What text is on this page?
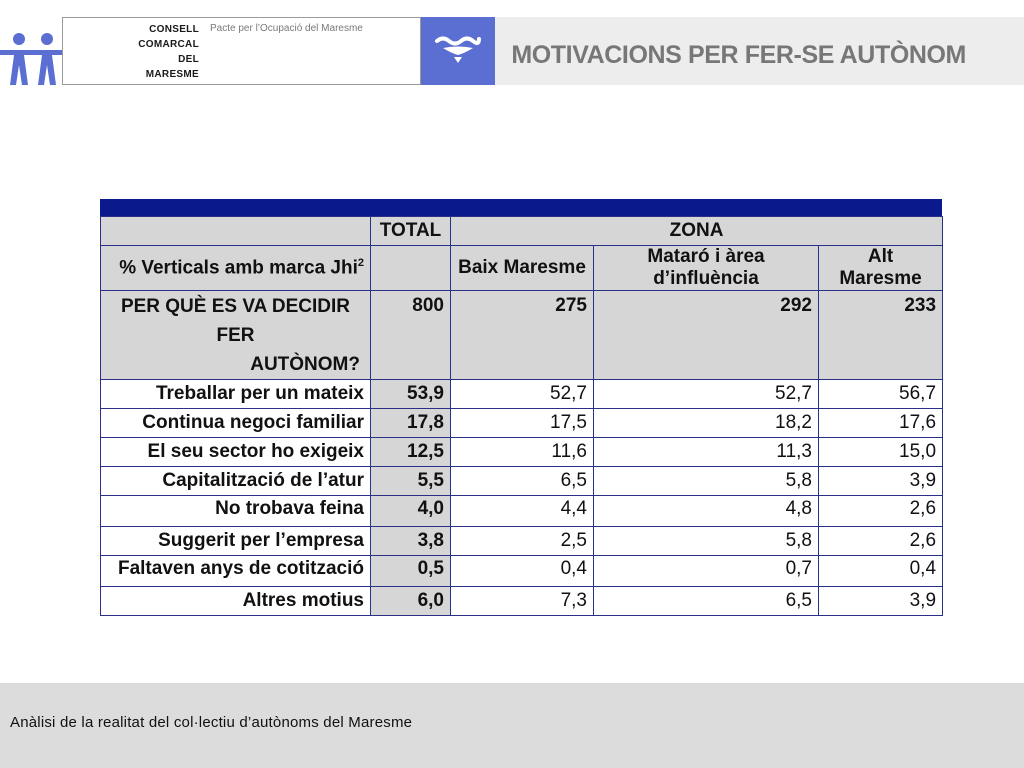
CONSELL
COMARCAL
DEL
MARESME
Pacte per l’Ocupació del Maresme
MOTIVACIONS PER FER-SE AUTÒNOM
	TOTAL	ZONA		
% Verticals amb marca Jhi$^2$		Baix Maresme	Mataró i àrea d’influència	Alt Maresme

PER QUÈ ES VA DECIDIR FER
AUTÒNOM?	800	275	292	233
Treballar per un mateix	53,9	52,7	52,7	56,7
Continua negoci familiar	17,8	17,5	18,2	17,6
El seu sector ho exigeix	12,5	11,6	11,3	15,0
Capitalització de l’atur	5,5	6,5	5,8	3,9
No trobava feina	4,0	4,4	4,8	2,6
Suggerit per l’empresa	3,8	2,5	5,8	2,6
Faltaven anys de cotització	0,5	0,4	0,7	0,4
Altres motius	6,0	7,3	6,5	3,9
Anàlisi de la realitat del col·lectiu d’autònoms del Maresme
